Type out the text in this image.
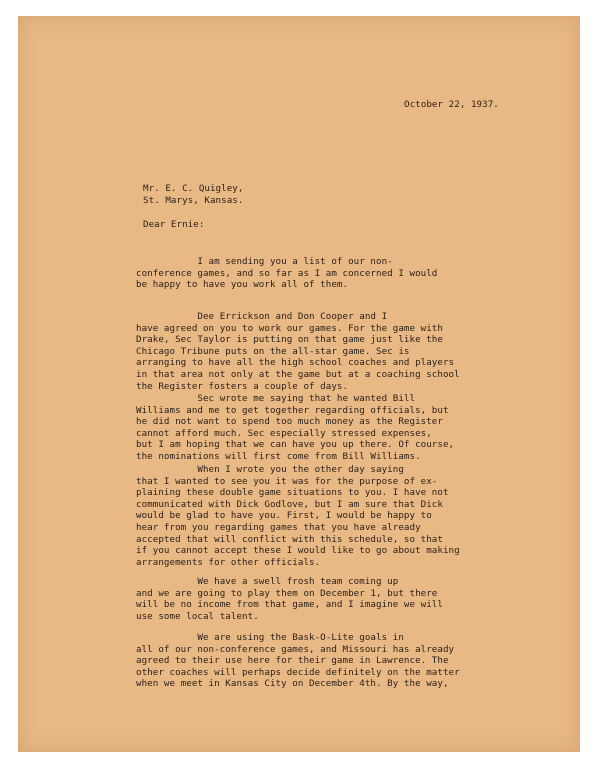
October 22, 1937.
Mr. E. C. Quigley,
St. Marys, Kansas.
Dear Ernie:
I am sending you a list of our non-
conference games, and so far as I am concerned I would
be happy to have you work all of them.
Dee Errickson and Don Cooper and I
have agreed on you to work our games. For the game with
Drake, Sec Taylor is putting on that game just like the
Chicago Tribune puts on the all-star game. Sec is
arranging to have all the high school coaches and players
in that area not only at the game but at a coaching school
the Register fosters a couple of days.
Sec wrote me saying that he wanted Bill
Williams and me to get together regarding officials, but
he did not want to spend too much money as the Register
cannot afford much. Sec especially stressed expenses,
but I am hoping that we can have you up there. Of course,
the nominations will first come from Bill Williams.
When I wrote you the other day saying
that I wanted to see you it was for the purpose of ex-
plaining these double game situations to you. I have not
communicated with Dick Godlove, but I am sure that Dick
would be glad to have you. First, I would be happy to
hear from you regarding games that you have already
accepted that will conflict with this schedule, so that
if you cannot accept these I would like to go about making
arrangements for other officials.
We have a swell frosh team coming up
and we are going to play them on December 1, but there
will be no income from that game, and I imagine we will
use some local talent.
We are using the Bask-O-Lite goals in
all of our non-conference games, and Missouri has already
agreed to their use here for their game in Lawrence. The
other coaches will perhaps decide definitely on the matter
when we meet in Kansas City on December 4th. By the way,
